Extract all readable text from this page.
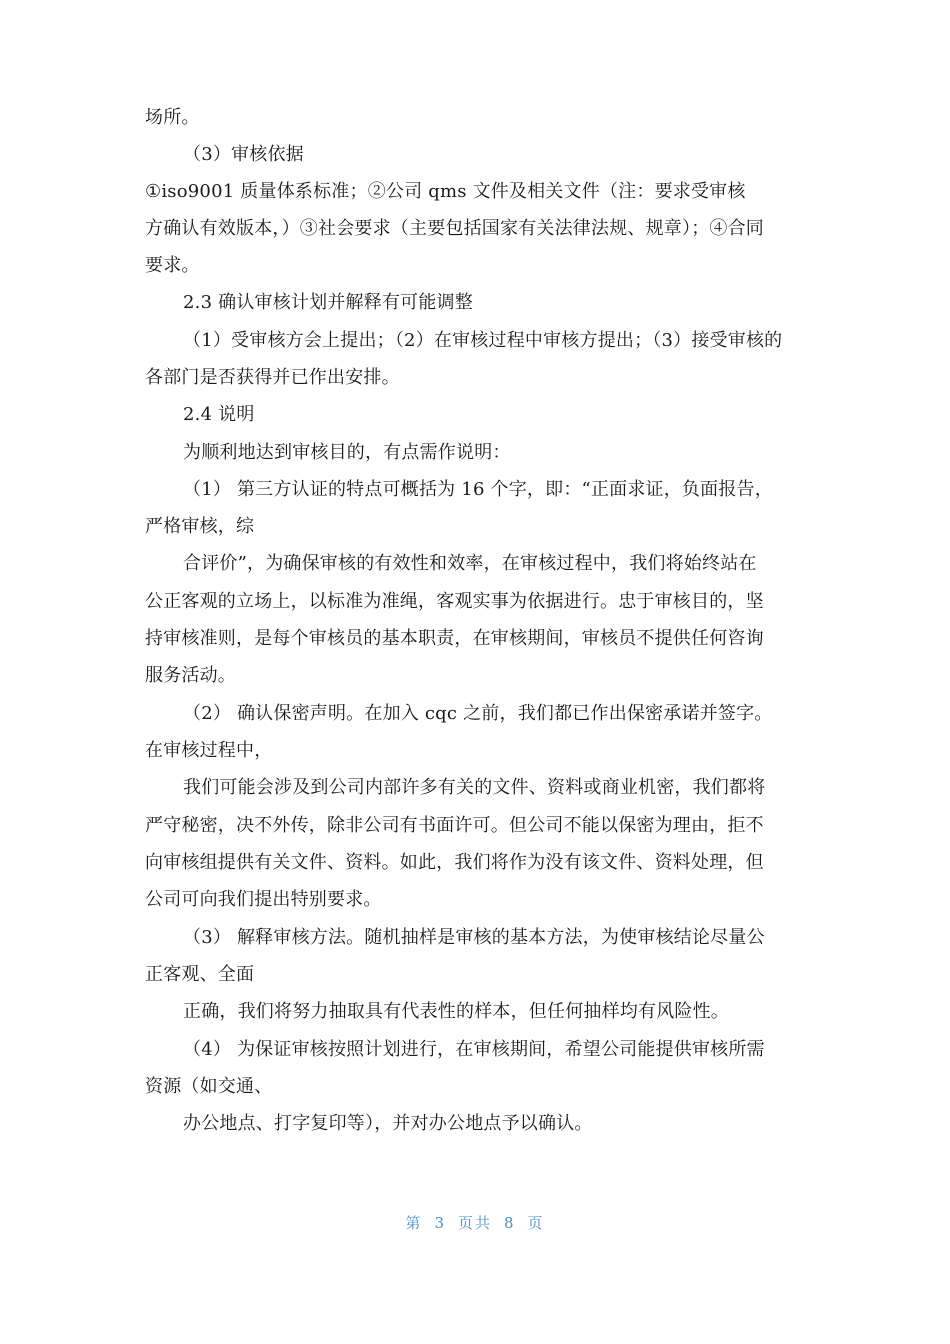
场所。
（3）审核依据
①iso9001 质量体系标准；②公司 qms 文件及相关文件（注：要求受审核
方确认有效版本，）③社会要求（主要包括国家有关法律法规、规章）；④合同
要求。
2.3 确认审核计划并解释有可能调整
（1）受审核方会上提出；（2）在审核过程中审核方提出；（3）接受审核的
各部门是否获得并已作出安排。
2.4 说明
为顺利地达到审核目的，有点需作说明：
（1） 第三方认证的特点可概括为 16 个字，即：“正面求证，负面报告，
严格审核，综
合评价”，为确保审核的有效性和效率，在审核过程中，我们将始终站在
公正客观的立场上，以标准为准绳，客观实事为依据进行。忠于审核目的，坚
持审核准则，是每个审核员的基本职责，在审核期间，审核员不提供任何咨询
服务活动。
（2） 确认保密声明。在加入 cqc 之前，我们都已作出保密承诺并签字。
在审核过程中，
我们可能会涉及到公司内部许多有关的文件、资料或商业机密，我们都将
严守秘密，决不外传，除非公司有书面许可。但公司不能以保密为理由，拒不
向审核组提供有关文件、资料。如此，我们将作为没有该文件、资料处理，但
公司可向我们提出特别要求。
（3） 解释审核方法。随机抽样是审核的基本方法，为使审核结论尽量公
正客观、全面
正确，我们将努力抽取具有代表性的样本，但任何抽样均有风险性。
（4） 为保证审核按照计划进行，在审核期间，希望公司能提供审核所需
资源（如交通、
办公地点、打字复印等），并对办公地点予以确认。
第 3 页共 8 页
